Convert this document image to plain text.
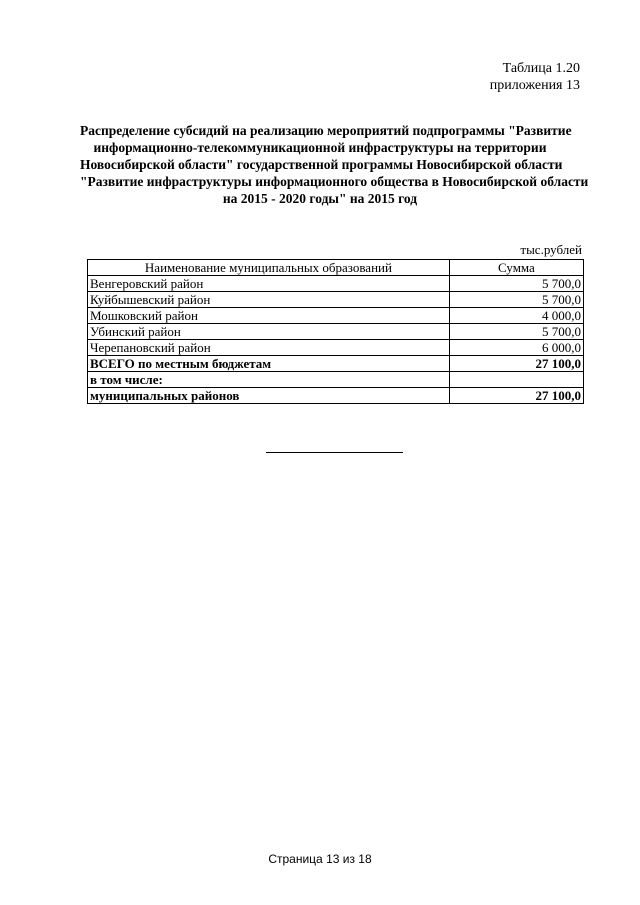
Таблица 1.20
приложения 13
Распределение субсидий на реализацию мероприятий подпрограммы "Развитие
информационно-телекоммуникационной инфраструктуры на территории
Новосибирской области" государственной программы Новосибирской области
"Развитие инфраструктуры информационного общества в Новосибирской области
на 2015 - 2020 годы" на 2015 год
тыс.рублей
Наименование муниципальных образований	Сумма
Венгеровский район	5 700,0
Куйбышевский район	5 700,0
Мошковский район	4 000,0
Убинский район	5 700,0
Черепановский район	6 000,0
ВСЕГО по местным бюджетам	27 100,0
в том числе:	
муниципальных районов	27 100,0
Страница 13 из 18
